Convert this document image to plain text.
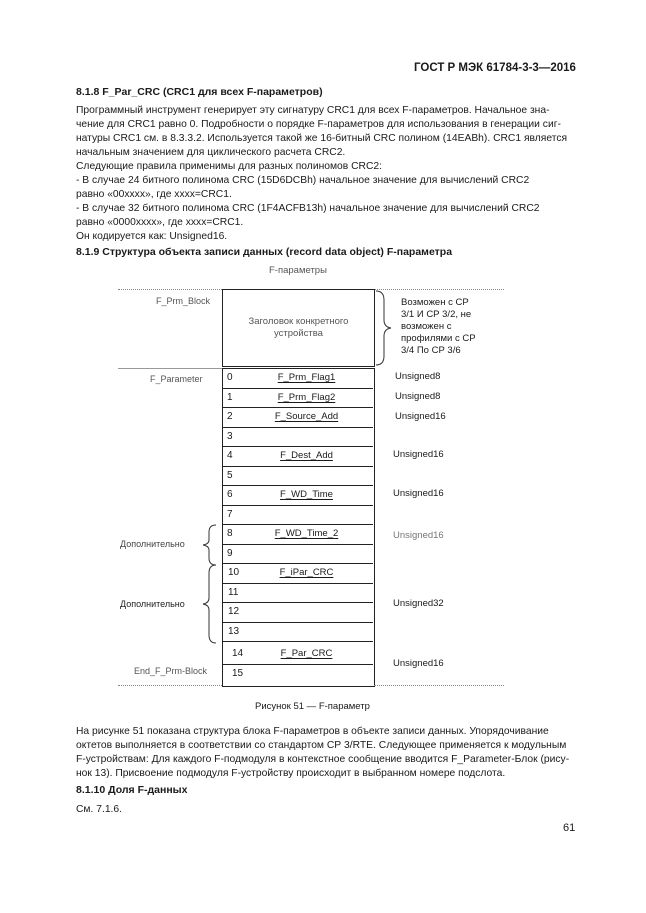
ГОСТ Р МЭК 61784-3-3—2016
8.1.8 F_Par_CRC (CRC1 для всех F-параметров)
Программный инструмент генерирует эту сигнатуру CRC1 для всех F-параметров. Начальное зна-
чение для CRC1 равно 0. Подробности о порядке F-параметров для использования в генерации сиг-
натуры CRC1 см. в 8.3.3.2. Используется такой же 16-битный CRC полином (14EABh). CRC1 является
начальным значением для циклического расчета CRC2.
Следующие правила применимы для разных полиномов CRC2:
- В случае 24 битного полинома CRC (15D6DCBh) начальное значение для вычислений CRC2
равно «00xxxx», где xxxx=CRC1.
- В случае 32 битного полинома CRC (1F4ACFB13h) начальное значение для вычислений CRC2
равно «0000xxxx», где xxxx=CRC1.
Он кодируется как: Unsigned16.
8.1.9 Структура объекта записи данных (record data object) F-параметра
F-параметры
F_Prm_Block
Заголовок конкретного
устройства
Возможен с СР
3/1 И СР 3/2, не
возможен с
профилями с СР
3/4 По СР 3/6
F_Parameter 0
1
2
3
4
5
6
7
8
9
10
11
12
13
14
15
F_Prm_Flag1
F_Prm_Flag2
F_Source_Add
F_Dest_Add
F_WD_Time
F_WD_Time_2
F_iPar_CRC
F_Par_CRC
Unsigned8
Unsigned8
Unsigned16
Unsigned16
Unsigned16
Unsigned16
Unsigned32
Unsigned16
Дополнительно
Дополнительно
End_F_Prm-Block
Рисунок 51 — F-параметр
На рисунке 51 показана структура блока F-параметров в объекте записи данных. Упорядочивание
октетов выполняется в соответствии со стандартом СР 3/RTE. Следующее применяется к модульным
F-устройствам: Для каждого F-подмодуля в контекстное сообщение вводится F_Parameter-Блок (рису-
нок 13). Присвоение подмодуля F-устройству происходит в выбранном номере подслота.
8.1.10 Доля F-данных
См. 7.1.6.
61
